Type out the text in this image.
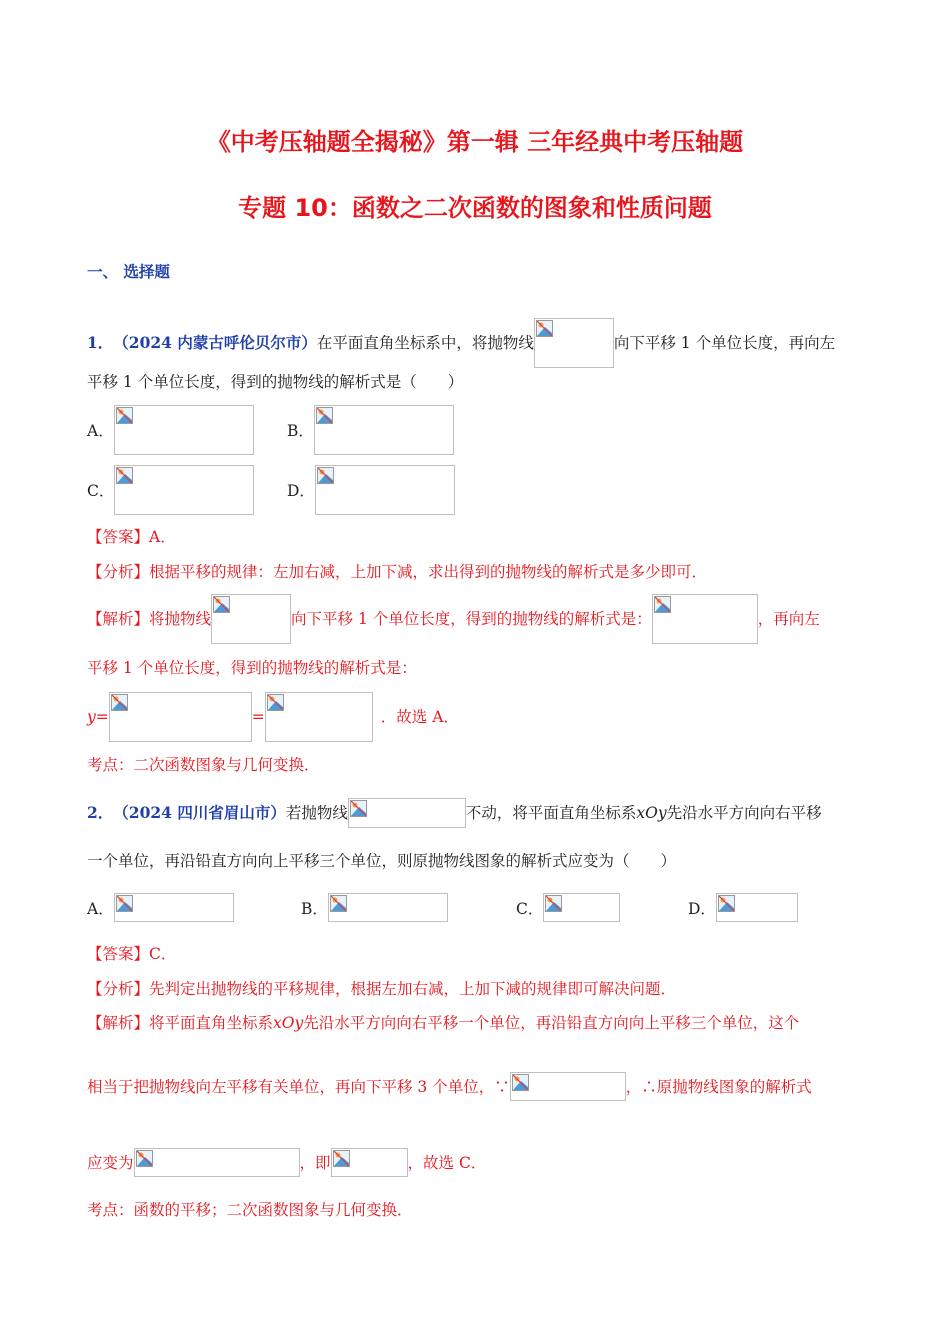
《中考压轴题全揭秘》第一辑 三年经典中考压轴题
专题 10：函数之二次函数的图象和性质问题
一、 选择题
1． （2024 内蒙古呼伦贝尔市） 在平面直角坐标系中，将抛物线	向下平移 1 个单位长度，再向左
平移 1 个单位长度，得到的抛物线的解析式是（　　）
A．	B．
C．	D．
【答案】 A．
【分析】 根据平移的规律：左加右减，上加下减，求出得到的抛物线的解析式是多少即可．
【解析】 将抛物线	向下平移 1 个单位长度，得到的抛物线的解析式是：	，再向左
平移 1 个单位长度，得到的抛物线的解析式是：
y =	=	．故选 A．
考点：二次函数图象与几何变换．
2． （2024 四川省眉山市） 若抛物线	不动，将平面直角坐标系 xOy 先沿水平方向向右平移
一个单位，再沿铅直方向向上平移三个单位，则原抛物线图象的解析式应变为（　　）
A．	B．	C．	D．
【答案】 C．
【分析】 先判定出抛物线的平移规律，根据左加右减，上加下减的规律即可解决问题．
【解析】 将平面直角坐标系 xOy 先沿水平方向向右平移一个单位，再沿铅直方向向上平移三个单位，这个
相当于把抛物线向左平移有关单位，再向下平移 3 个单位，∵	，∴原抛物线图象的解析式
应变为	，即	，故选 C．
考点：函数的平移；二次函数图象与几何变换．
